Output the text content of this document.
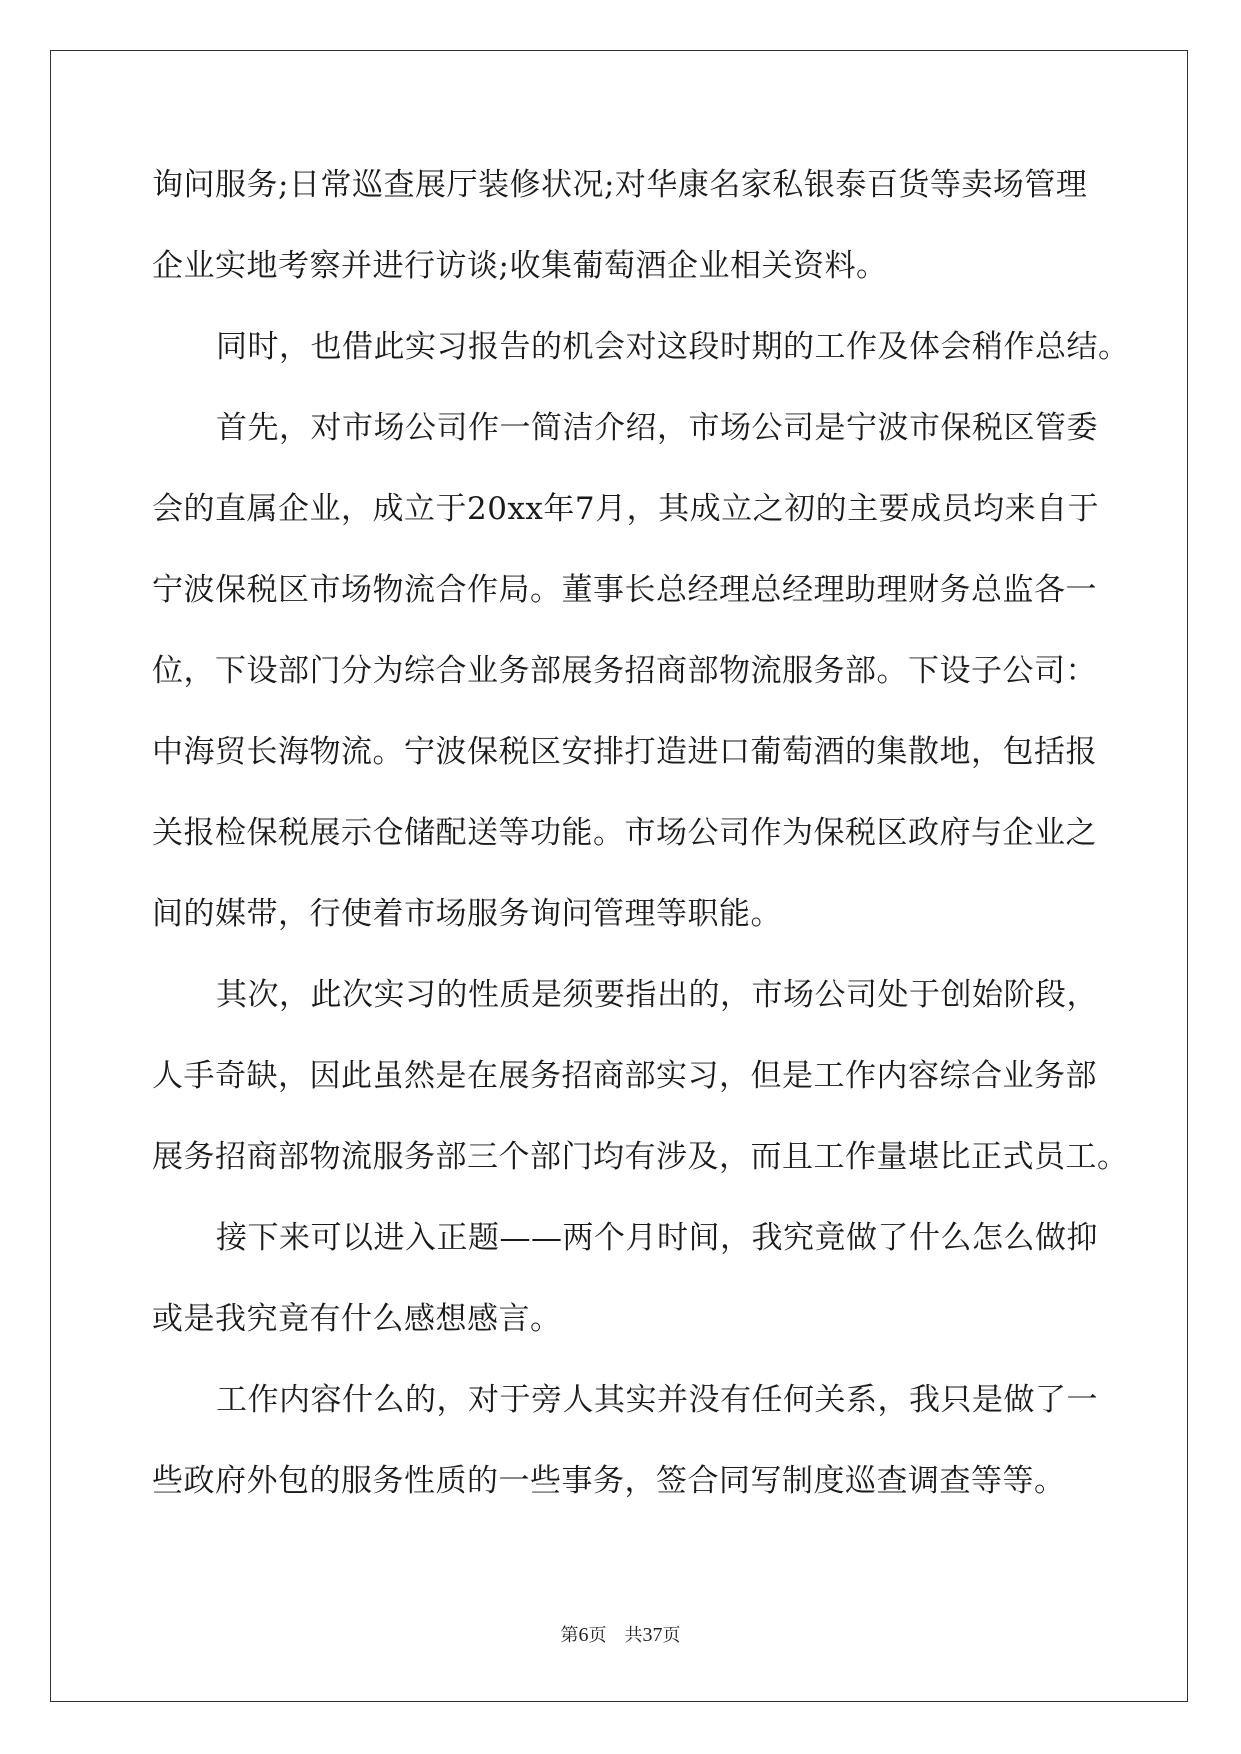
询问服务;日常巡查展厅装修状况;对华康名家私银泰百货等卖场管理

企业实地考察并进行访谈;收集葡萄酒企业相关资料。

同时，也借此实习报告的机会对这段时期的工作及体会稍作总结。

首先，对市场公司作一简洁介绍，市场公司是宁波市保税区管委

会的直属企业，成立于20xx年7月，其成立之初的主要成员均来自于

宁波保税区市场物流合作局。董事长总经理总经理助理财务总监各一

位，下设部门分为综合业务部展务招商部物流服务部。下设子公司：

中海贸长海物流。宁波保税区安排打造进口葡萄酒的集散地，包括报

关报检保税展示仓储配送等功能。市场公司作为保税区政府与企业之

间的媒带，行使着市场服务询问管理等职能。

其次，此次实习的性质是须要指出的，市场公司处于创始阶段，

人手奇缺，因此虽然是在展务招商部实习，但是工作内容综合业务部

展务招商部物流服务部三个部门均有涉及，而且工作量堪比正式员工。

接下来可以进入正题——两个月时间，我究竟做了什么怎么做抑

或是我究竟有什么感想感言。

工作内容什么的，对于旁人其实并没有任何关系，我只是做了一

些政府外包的服务性质的一些事务，签合同写制度巡查调查等等。

第6页 共37页
